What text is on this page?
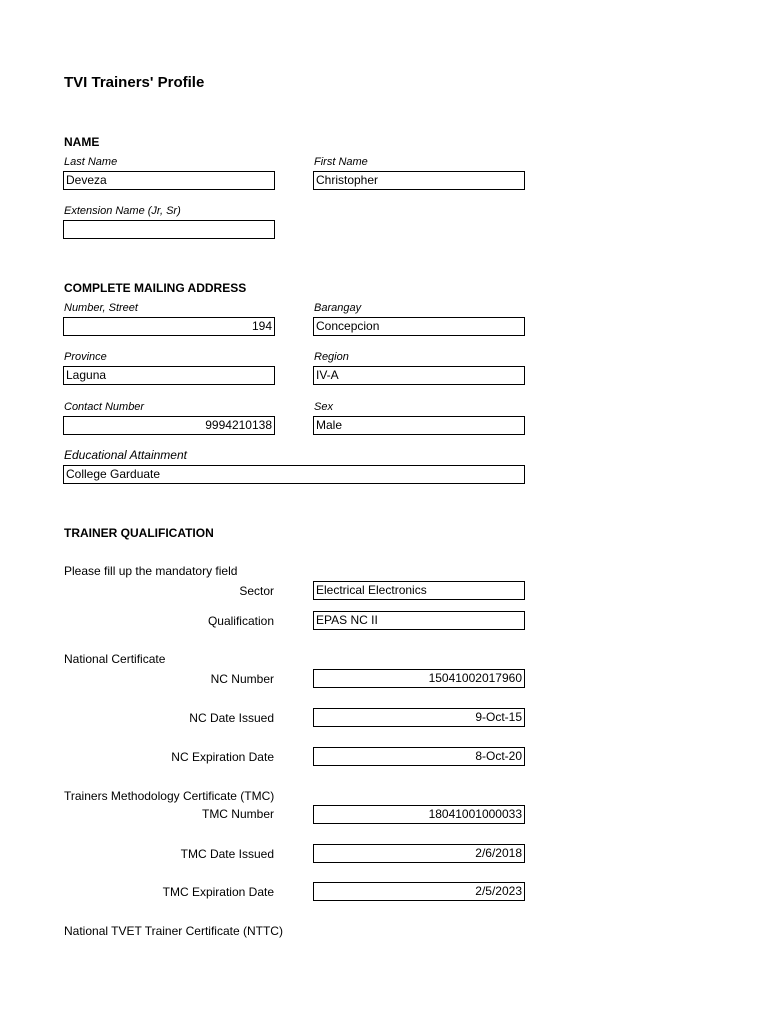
TVI Trainers' Profile
NAME
Last Name
Deveza
First Name
Christopher
Extension Name (Jr, Sr)
COMPLETE MAILING ADDRESS
Number, Street
194
Barangay
Concepcion
Province
Laguna
Region
IV-A
Contact Number
9994210138
Sex
Male
Educational Attainment
College Garduate
TRAINER QUALIFICATION
Please fill up the mandatory field
Sector	Electrical Electronics
Qualification	EPAS NC II
National Certificate
NC Number	15041002017960
NC Date Issued	9-Oct-15
NC Expiration Date	8-Oct-20
Trainers Methodology Certificate (TMC)
TMC Number	18041001000033
TMC Date Issued	2/6/2018
TMC Expiration Date	2/5/2023
National TVET Trainer Certificate (NTTC)
